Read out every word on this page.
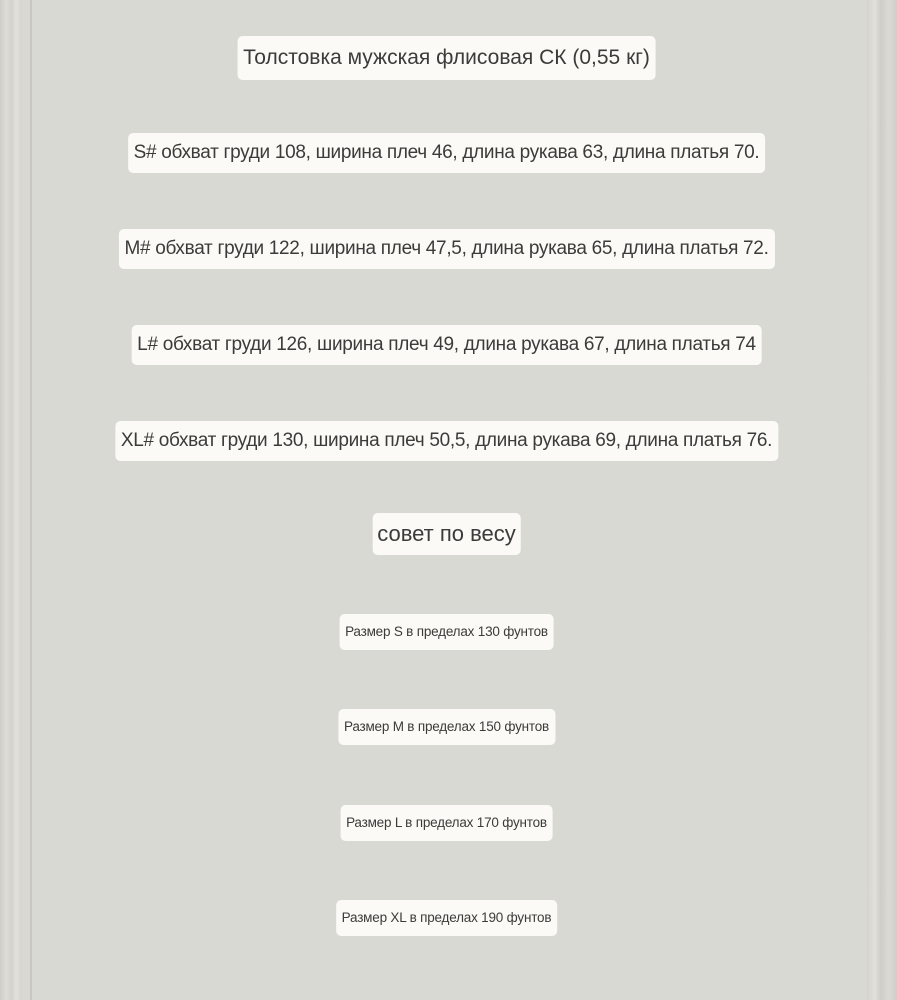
Толстовка мужская флисовая СК (0,55 кг)
S# обхват груди 108, ширина плеч 46, длина рукава 63, длина платья 70.
M# обхват груди 122, ширина плеч 47,5, длина рукава 65, длина платья 72.
L# обхват груди 126, ширина плеч 49, длина рукава 67, длина платья 74
XL# обхват груди 130, ширина плеч 50,5, длина рукава 69, длина платья 76.
совет по весу
Размер S в пределах 130 фунтов
Размер M в пределах 150 фунтов
Размер L в пределах 170 фунтов
Размер XL в пределах 190 фунтов
